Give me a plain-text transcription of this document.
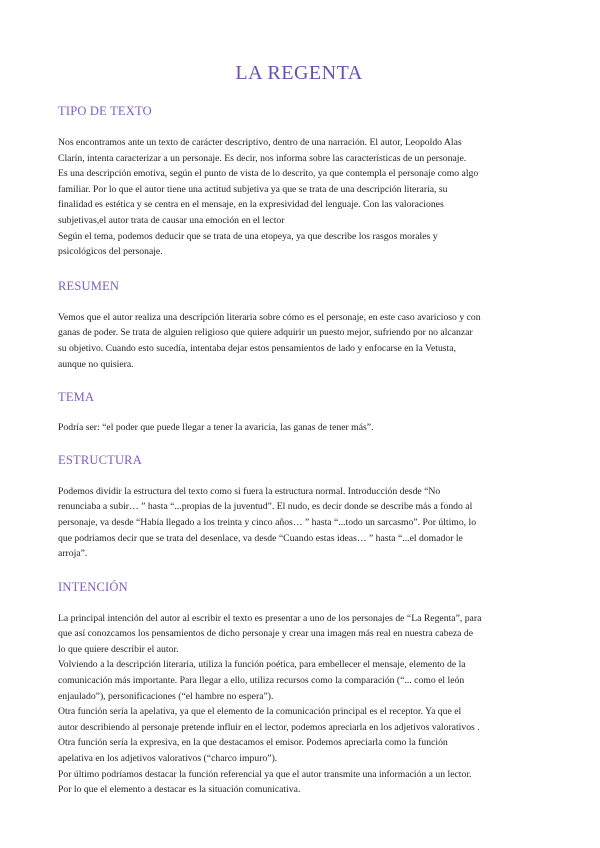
LA REGENTA
TIPO DE TEXTO
Nos encontramos ante un texto de carácter descriptivo, dentro de una narración. El autor, Leopoldo Alas
Clarín, intenta caracterizar a un personaje. Es decir, nos informa sobre las características de un personaje.
Es una descripción emotiva, según el punto de vista de lo descrito, ya que contempla el personaje como algo
familiar. Por lo que el autor tiene una actitud subjetiva ya que se trata de una descripción literaria, su
finalidad es estética y se centra en el mensaje, en la expresividad del lenguaje. Con las valoraciones
subjetivas,el autor trata de causar una emoción en el lector
Según el tema, podemos deducir que se trata de una etopeya, ya que describe los rasgos morales y
psicológicos del personaje.
RESUMEN
Vemos que el autor realiza una descripción literaria sobre cómo es el personaje, en este caso avaricioso y con
ganas de poder. Se trata de alguien religioso que quiere adquirir un puesto mejor, sufriendo por no alcanzar
su objetivo. Cuando esto sucedía, intentaba dejar estos pensamientos de lado y enfocarse en la Vetusta,
aunque no quisiera.
TEMA
Podría ser: “el poder que puede llegar a tener la avaricia, las ganas de tener más”.
ESTRUCTURA
Podemos dividir la estructura del texto como si fuera la estructura normal. Introducción desde “No
renunciaba a subir… ” hasta “...propias de la juventud”. El nudo, es decir donde se describe más a fondo al
personaje, va desde “Había llegado a los treinta y cinco años… ” hasta “...todo un sarcasmo”. Por último, lo
que podríamos decir que se trata del desenlace, va desde “Cuando estas ideas… ” hasta “...el domador le
arroja”.
INTENCIÓN
La principal intención del autor al escribir el texto es presentar a uno de los personajes de “La Regenta”, para
que así conozcamos los pensamientos de dicho personaje y crear una imagen más real en nuestra cabeza de
lo que quiere describir el autor.
Volviendo a la descripción literaria, utiliza la función poética, para embellecer el mensaje, elemento de la
comunicación más importante. Para llegar a ello, utiliza recursos como la comparación (“... como el león
enjaulado”), personificaciones (“el hambre no espera”).
Otra función sería la apelativa, ya que el elemento de la comunicación principal es el receptor. Ya que el
autor describiendo al personaje pretende influir en el lector, podemos apreciarla en los adjetivos valorativos .
Otra función sería la expresiva, en la que destacamos el emisor. Podemos apreciarla como la función
apelativa en los adjetivos valorativos (“charco impuro”).
Por último podríamos destacar la función referencial ya que el autor transmite una información a un lector.
Por lo que el elemento a destacar es la situación comunicativa.
